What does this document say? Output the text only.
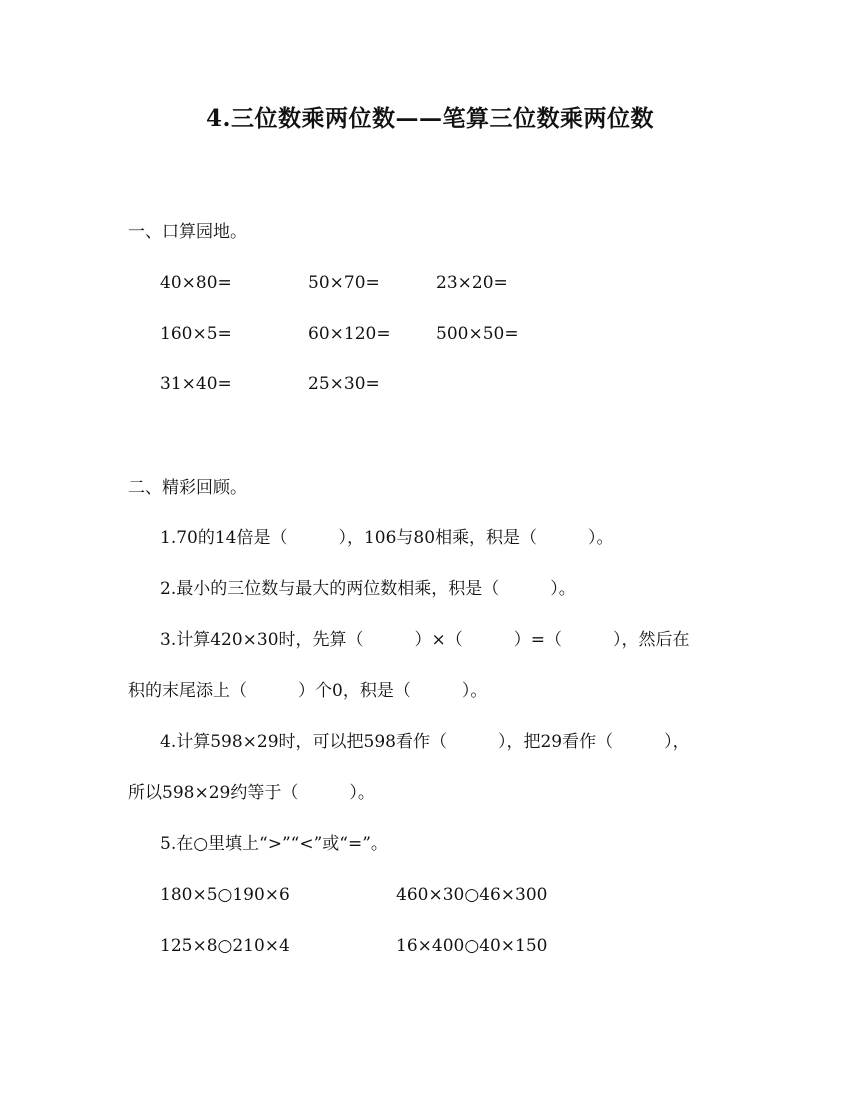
4.三位数乘两位数——笔算三位数乘两位数
一、口算园地。
40×80=	50×70=	23×20=
160×5=	60×120=	500×50=
31×40=	25×30=
二、精彩回顾。
1.70的14倍是（　　　），106与80相乘，积是（　　　）。
2.最小的三位数与最大的两位数相乘，积是（　　　）。
3.计算420×30时，先算（　　　）×（　　　）=（　　　），然后在
积的末尾添上（　　　）个0，积是（　　　）。
4.计算598×29时，可以把598看作（　　　），把29看作（　　　），
所以598×29约等于（　　　）。
5.在○里填上“>”“<”或“=”。
180×5○190×6	460×30○46×300
125×8○210×4	16×400○40×150
